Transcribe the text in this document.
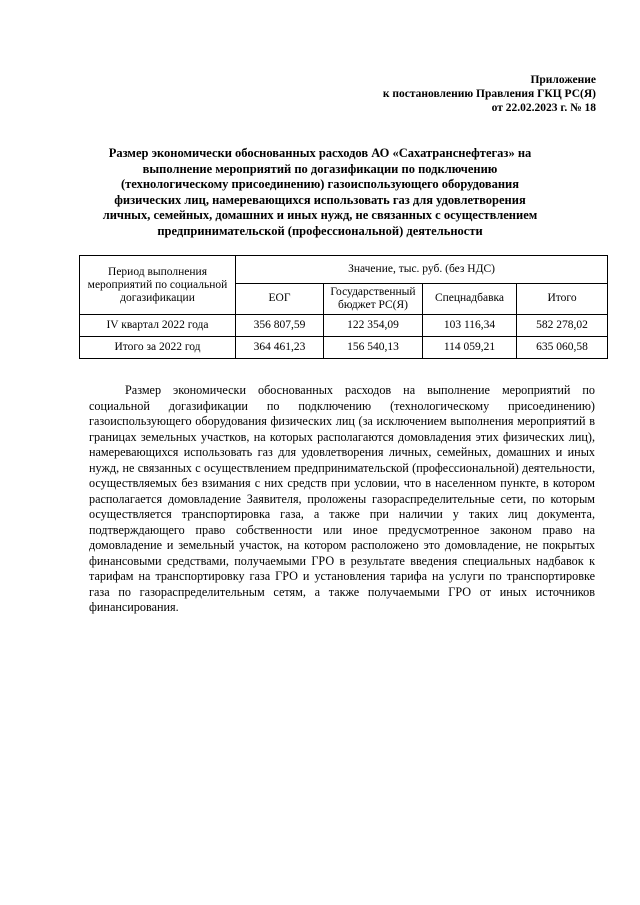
Приложение
к постановлению Правления ГКЦ РС(Я)
от 22.02.2023 г. № 18
Размер экономически обоснованных расходов АО «Сахатранснефтегаз» на выполнение мероприятий по догазификации по подключению (технологическому присоединению) газоиспользующего оборудования физических лиц, намеревающихся использовать газ для удовлетворения личных, семейных, домашних и иных нужд, не связанных с осуществлением предпринимательской (профессиональной) деятельности
Период выполнения мероприятий по социальной догазификации	Значение, тыс. руб. (без НДС)			
	ЕОГ	Государственный бюджет РС(Я)	Спецнадбавка	Итого
IV квартал 2022 года	356 807,59	122 354,09	103 116,34	582 278,02
Итого за 2022 год	364 461,23	156 540,13	114 059,21	635 060,58

Размер экономически обоснованных расходов на выполнение мероприятий по социальной догазификации по подключению (технологическому присоединению) газоиспользующего оборудования физических лиц (за исключением выполнения мероприятий в границах земельных участков, на которых располагаются домовладения этих физических лиц), намеревающихся использовать газ для удовлетворения личных, семейных, домашних и иных нужд, не связанных с осуществлением предпринимательской (профессиональной) деятельности, осуществляемых без взимания с них средств при условии, что в населенном пункте, в котором располагается домовладение Заявителя, проложены газораспределительные сети, по которым осуществляется транспортировка газа, а также при наличии у таких лиц документа, подтверждающего право собственности или иное предусмотренное законом право на домовладение и земельный участок, на котором расположено это домовладение, не покрытых финансовыми средствами, получаемыми ГРО в результате введения специальных надбавок к тарифам на транспортировку газа ГРО и установления тарифа на услуги по транспортировке газа по газораспределительным сетям, а также получаемыми ГРО от иных источников финансирования.
